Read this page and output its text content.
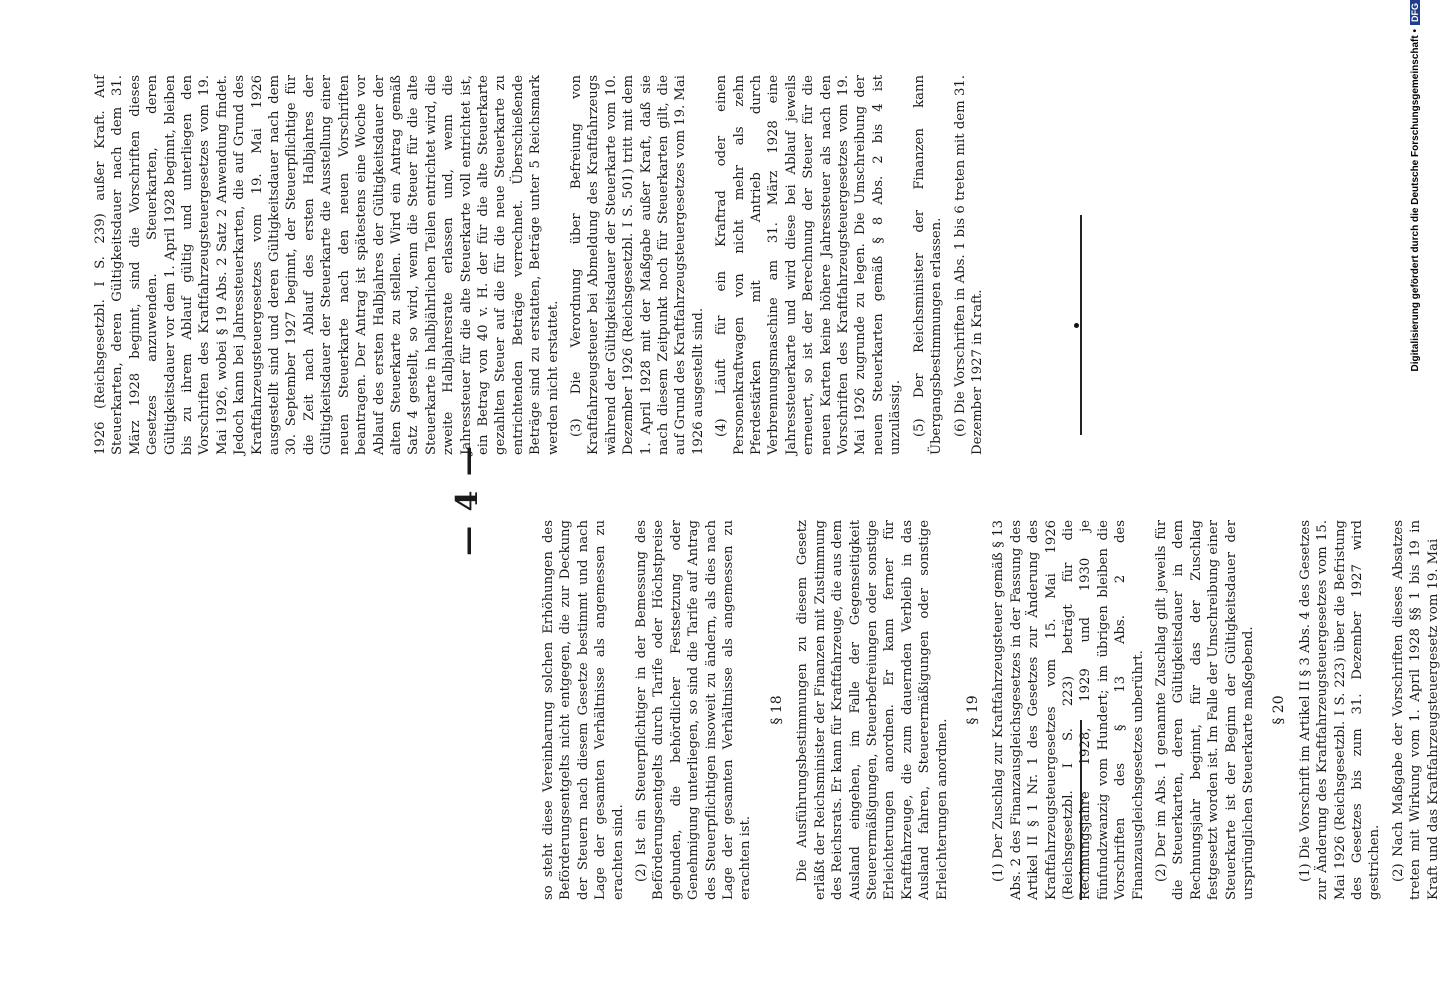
— 4 —

so steht diese Vereinbarung solchen Erhöhungen des Beförderungsentgelts nicht entgegen, die zur Deckung der Steuern nach diesem Gesetze bestimmt und nach Lage der gesamten Verhältnisse als angemessen zu erachten sind. (2) Ist ein Steuerpflichtiger in der Bemessung des Beförderungsentgelts durch Tarife oder Höchstpreise gebunden, die behördlicher Festsetzung oder Genehmigung unterliegen, so sind die Tarife auf Antrag des Steuerpflichtigen insoweit zu ändern, als dies nach Lage der gesamten Verhältnisse als angemessen zu erachten ist.

§ 18 Die Ausführungsbestimmungen zu diesem Gesetz erläßt der Reichsminister der Finanzen mit Zustimmung des Reichsrats. Er kann für Kraftfahrzeuge, die aus dem Ausland eingehen, im Falle der Gegenseitigkeit Steuerermäßigungen, Steuerbefreiungen oder sonstige Erleichterungen anordnen. Er kann ferner für Kraftfahrzeuge, die zum dauernden Verbleib in das Ausland fahren, Steuerermäßigungen oder sonstige Erleichterungen anordnen.

§ 19 (1) Der Zuschlag zur Kraftfahrzeugsteuer gemäß § 13 Abs. 2 des Finanzausgleichsgesetzes in der Fassung des Artikel II § 1 Nr. 1 des Gesetzes zur Änderung des Kraftfahrzeugsteuergesetzes vom 15. Mai 1926 (Reichsgesetzbl. I S. 223) beträgt für die Rechnungsjahre 1928, 1929 und 1930 je fünfundzwanzig vom Hundert; im übrigen bleiben die Vorschriften des § 13 Abs. 2 des Finanzausgleichsgesetzes unberührt. (2) Der im Abs. 1 genannte Zuschlag gilt jeweils für die Steuerkarten, deren Gültigkeitsdauer in dem Rechnungsjahr beginnt, für das der Zuschlag festgesetzt worden ist. Im Falle der Umschreibung einer Steuerkarte ist der Beginn der Gültigkeitsdauer der ursprünglichen Steuerkarte maßgebend. § 20 (1) Die Vorschrift im Artikel II § 3 Abs. 4 des Gesetzes zur Änderung des Kraftfahrzeugsteuergesetzes vom 15. Mai 1926 (Reichsgesetzbl. I S. 223) über die Befristung des Gesetzes bis zum 31. Dezember 1927 wird gestrichen. (2) Nach Maßgabe der Vorschriften dieses Absatzes treten mit Wirkung vom 1. April 1928 §§ 1 bis 19 in Kraft und das Kraftfahrzeugsteuergesetz vom 19. Mai

1926 (Reichsgesetzbl. I S. 239) außer Kraft. Auf Steuerkarten, deren Gültigkeitsdauer nach dem 31. März 1928 beginnt, sind die Vorschriften dieses Gesetzes anzuwenden. Steuerkarten, deren Gültigkeitsdauer vor dem 1. April 1928 beginnt, bleiben bis zu ihrem Ablauf gültig und unterliegen den Vorschriften des Kraftfahrzeugsteuergesetzes vom 19. Mai 1926, wobei § 19 Abs. 2 Satz 2 Anwendung findet. Jedoch kann bei Jahressteuerkarten, die auf Grund des Kraftfahrzeugsteuergesetzes vom 19. Mai 1926 ausgestellt sind und deren Gültigkeitsdauer nach dem 30. September 1927 beginnt, der Steuerpflichtige für die Zeit nach Ablauf des ersten Halbjahres der Gültigkeitsdauer der Steuerkarte die Ausstellung einer neuen Steuerkarte nach den neuen Vorschriften beantragen. Der Antrag ist spätestens eine Woche vor Ablauf des ersten Halbjahres der Gültigkeitsdauer der alten Steuerkarte zu stellen. Wird ein Antrag gemäß Satz 4 gestellt, so wird, wenn die Steuer für die alte Steuerkarte in halbjährlichen Teilen entrichtet wird, die zweite Halbjahresrate erlassen und, wenn die Jahressteuer für die alte Steuerkarte voll entrichtet ist, ein Betrag von 40 v. H. der für die alte Steuerkarte gezahlten Steuer auf die für die neue Steuerkarte zu entrichtenden Beträge verrechnet. Überschießende Beträge sind zu erstatten, Beträge unter 5 Reichsmark werden nicht erstattet. (3) Die Verordnung über Befreiung von Kraftfahrzeugsteuer bei Abmeldung des Kraftfahrzeugs während der Gültigkeitsdauer der Steuerkarte vom 10. Dezember 1926 (Reichsgesetzbl. I S. 501) tritt mit dem 1. April 1928 mit der Maßgabe außer Kraft, daß sie nach diesem Zeitpunkt noch für Steuerkarten gilt, die auf Grund des Kraftfahrzeugsteuergesetzes vom 19. Mai 1926 ausgestellt sind. (4) Läuft für ein Kraftrad oder einen Personenkraftwagen von nicht mehr als zehn Pferdestärken mit Antrieb durch Verbrennungsmaschine am 31. März 1928 eine Jahressteuerkarte und wird diese bei Ablauf jeweils erneuert, so ist der Berechnung der Steuer für die neuen Karten keine höhere Jahressteuer als nach den Vorschriften des Kraftfahrzeugsteuergesetzes vom 19. Mai 1926 zugrunde zu legen. Die Umschreibung der neuen Steuerkarten gemäß § 8 Abs. 2 bis 4 ist unzulässig. (5) Der Reichsminister der Finanzen kann Übergangsbestimmungen erlassen. (6) Die Vorschriften in Abs. 1 bis 6 treten mit dem 31. Dezember 1927 in Kraft.

Digitalisierung gefördert durch die Deutsche Forschungsgemeinschaft •DFG
